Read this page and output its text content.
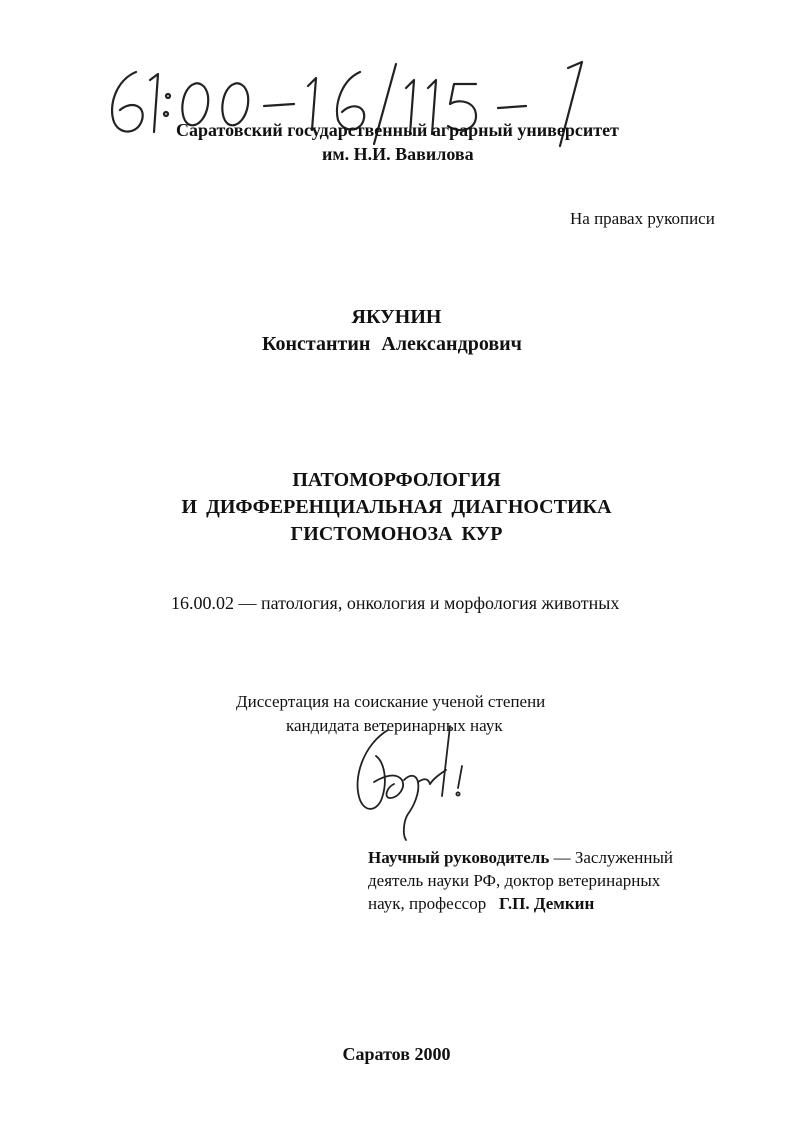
Саратовский государственный аграрный университет
им. Н.И. Вавилова
На правах рукописи
ЯКУНИН
Константин Александрович
ПАТОМОРФОЛОГИЯ
И ДИФФЕРЕНЦИАЛЬНАЯ ДИАГНОСТИКА
ГИСТОМОНОЗА КУР
16.00.02 — патология, онкология и морфология животных
Диссертация на соискание ученой степени
кандидата ветеринарных наук
Научный руководитель — Заслуженный
деятель науки РФ, доктор ветеринарных
наук, профессор Г.П. Демкин
Саратов 2000
